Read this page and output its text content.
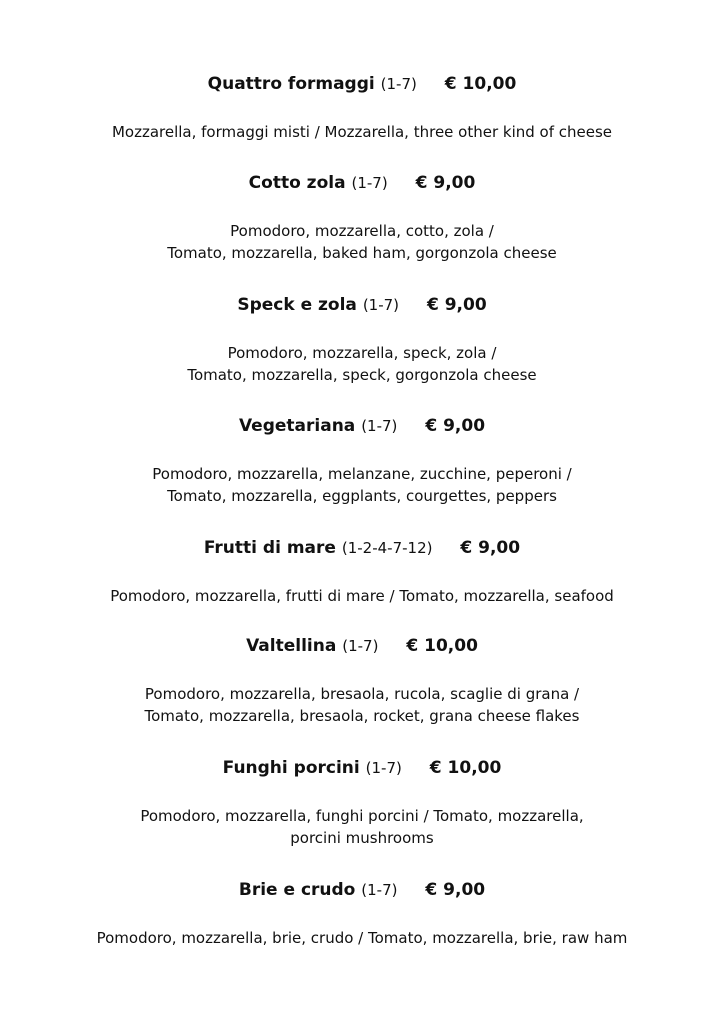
Quattro formaggi (1-7) € 10,00
Mozzarella, formaggi misti / Mozzarella, three other kind of cheese
Cotto zola (1-7) € 9,00
Pomodoro, mozzarella, cotto, zola /
Tomato, mozzarella, baked ham, gorgonzola cheese
Speck e zola (1-7) € 9,00
Pomodoro, mozzarella, speck, zola /
Tomato, mozzarella, speck, gorgonzola cheese
Vegetariana (1-7) € 9,00
Pomodoro, mozzarella, melanzane, zucchine, peperoni /
Tomato, mozzarella, eggplants, courgettes, peppers
Frutti di mare (1-2-4-7-12) € 9,00
Pomodoro, mozzarella, frutti di mare / Tomato, mozzarella, seafood
Valtellina (1-7) € 10,00
Pomodoro, mozzarella, bresaola, rucola, scaglie di grana /
Tomato, mozzarella, bresaola, rocket, grana cheese flakes
Funghi porcini (1-7) € 10,00
Pomodoro, mozzarella, funghi porcini / Tomato, mozzarella,
porcini mushrooms
Brie e crudo (1-7) € 9,00
Pomodoro, mozzarella, brie, crudo / Tomato, mozzarella, brie, raw ham
